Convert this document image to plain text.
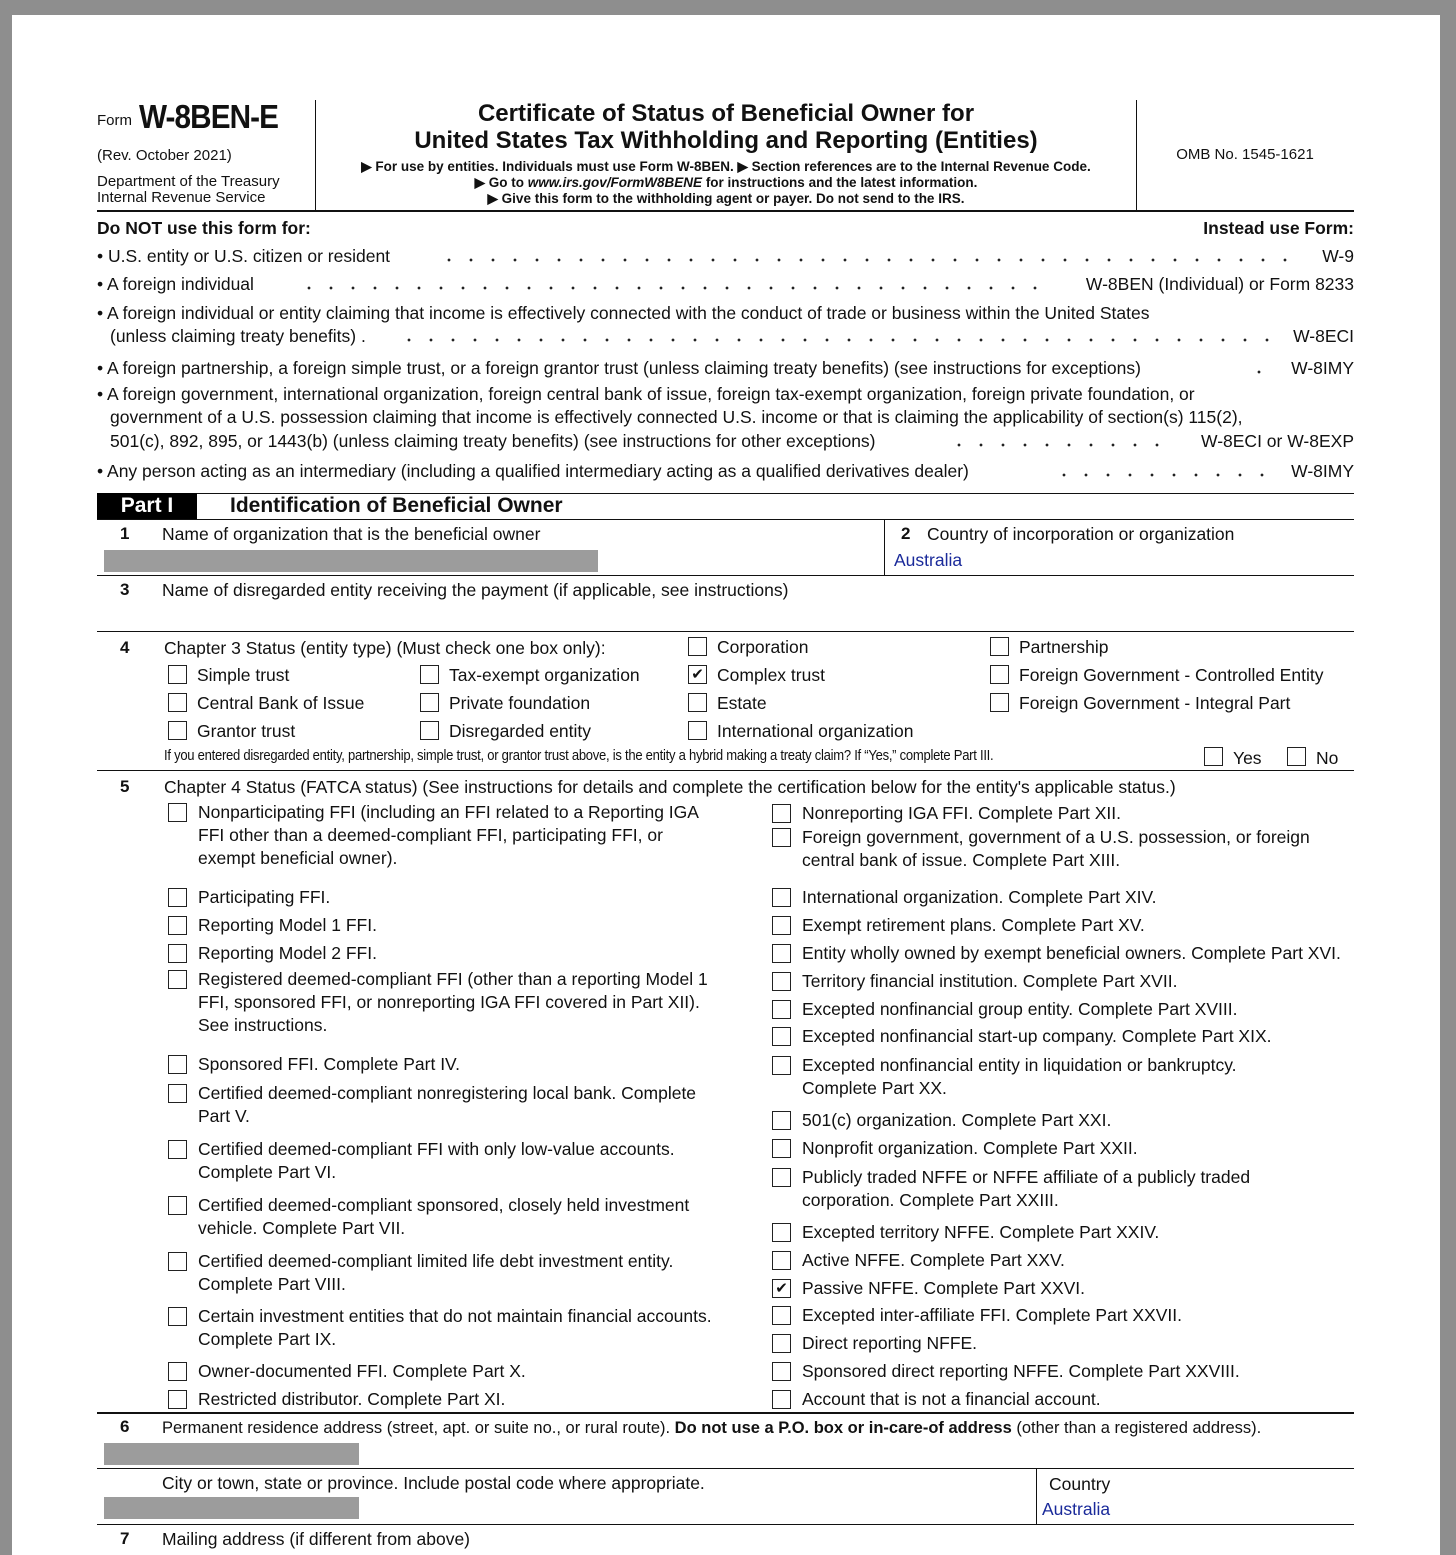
Form W-8BEN-E
(Rev. October 2021)
Department of the Treasury
Internal Revenue Service
Certificate of Status of Beneficial Owner for
United States Tax Withholding and Reporting (Entities)
▶ For use by entities. Individuals must use Form W-8BEN. ▶ Section references are to the Internal Revenue Code.
▶ Go to www.irs.gov/FormW8BENE for instructions and the latest information.
▶ Give this form to the withholding agent or payer. Do not send to the IRS.
OMB No. 1545-1621
Do NOT use this form for:	Instead use Form:
• U.S. entity or U.S. citizen or resident	W-9
• A foreign individual	W-8BEN (Individual) or Form 8233
• A foreign individual or entity claiming that income is effectively connected with the conduct of trade or business within the United States
(unless claiming treaty benefits) .	W-8ECI
• A foreign partnership, a foreign simple trust, or a foreign grantor trust (unless claiming treaty benefits) (see instructions for exceptions)	W-8IMY
• A foreign government, international organization, foreign central bank of issue, foreign tax-exempt organization, foreign private foundation, or
government of a U.S. possession claiming that income is effectively connected U.S. income or that is claiming the applicability of section(s) 115(2),
501(c), 892, 895, or 1443(b) (unless claiming treaty benefits) (see instructions for other exceptions)	W-8ECI or W-8EXP
• Any person acting as an intermediary (including a qualified intermediary acting as a qualified derivatives dealer)	W-8IMY
Part I	Identification of Beneficial Owner
1 Name of organization that is the beneficial owner	2 Country of incorporation or organization
Australia
3 Name of disregarded entity receiving the payment (if applicable, see instructions)
4 Chapter 3 Status (entity type) (Must check one box only):	Corporation	Partnership
Simple trust	Tax-exempt organization	✔ Complex trust	Foreign Government - Controlled Entity
Central Bank of Issue	Private foundation	Estate	Foreign Government - Integral Part
Grantor trust	Disregarded entity	International organization
If you entered disregarded entity, partnership, simple trust, or grantor trust above, is the entity a hybrid making a treaty claim? If “Yes,” complete Part III.	Yes	No
5 Chapter 4 Status (FATCA status) (See instructions for details and complete the certification below for the entity's applicable status.)
Nonparticipating FFI (including an FFI related to a Reporting IGA
FFI other than a deemed-compliant FFI, participating FFI, or
exempt beneficial owner).
Participating FFI.
Reporting Model 1 FFI.
Reporting Model 2 FFI.
Registered deemed-compliant FFI (other than a reporting Model 1
FFI, sponsored FFI, or nonreporting IGA FFI covered in Part XII).
See instructions.
Sponsored FFI. Complete Part IV.
Certified deemed-compliant nonregistering local bank. Complete
Part V.
Certified deemed-compliant FFI with only low-value accounts.
Complete Part VI.
Certified deemed-compliant sponsored, closely held investment
vehicle. Complete Part VII.
Certified deemed-compliant limited life debt investment entity.
Complete Part VIII.
Certain investment entities that do not maintain financial accounts.
Complete Part IX.
Owner-documented FFI. Complete Part X.
Restricted distributor. Complete Part XI.
Nonreporting IGA FFI. Complete Part XII.
Foreign government, government of a U.S. possession, or foreign
central bank of issue. Complete Part XIII.
International organization. Complete Part XIV.
Exempt retirement plans. Complete Part XV.
Entity wholly owned by exempt beneficial owners. Complete Part XVI.
Territory financial institution. Complete Part XVII.
Excepted nonfinancial group entity. Complete Part XVIII.
Excepted nonfinancial start-up company. Complete Part XIX.
Excepted nonfinancial entity in liquidation or bankruptcy.
Complete Part XX.
501(c) organization. Complete Part XXI.
Nonprofit organization. Complete Part XXII.
Publicly traded NFFE or NFFE affiliate of a publicly traded
corporation. Complete Part XXIII.
Excepted territory NFFE. Complete Part XXIV.
Active NFFE. Complete Part XXV.
✔ Passive NFFE. Complete Part XXVI.
Excepted inter-affiliate FFI. Complete Part XXVII.
Direct reporting NFFE.
Sponsored direct reporting NFFE. Complete Part XXVIII.
Account that is not a financial account.
6 Permanent residence address (street, apt. or suite no., or rural route). Do not use a P.O. box or in-care-of address (other than a registered address).
City or town, state or province. Include postal code where appropriate.	Country
Australia
7 Mailing address (if different from above)
